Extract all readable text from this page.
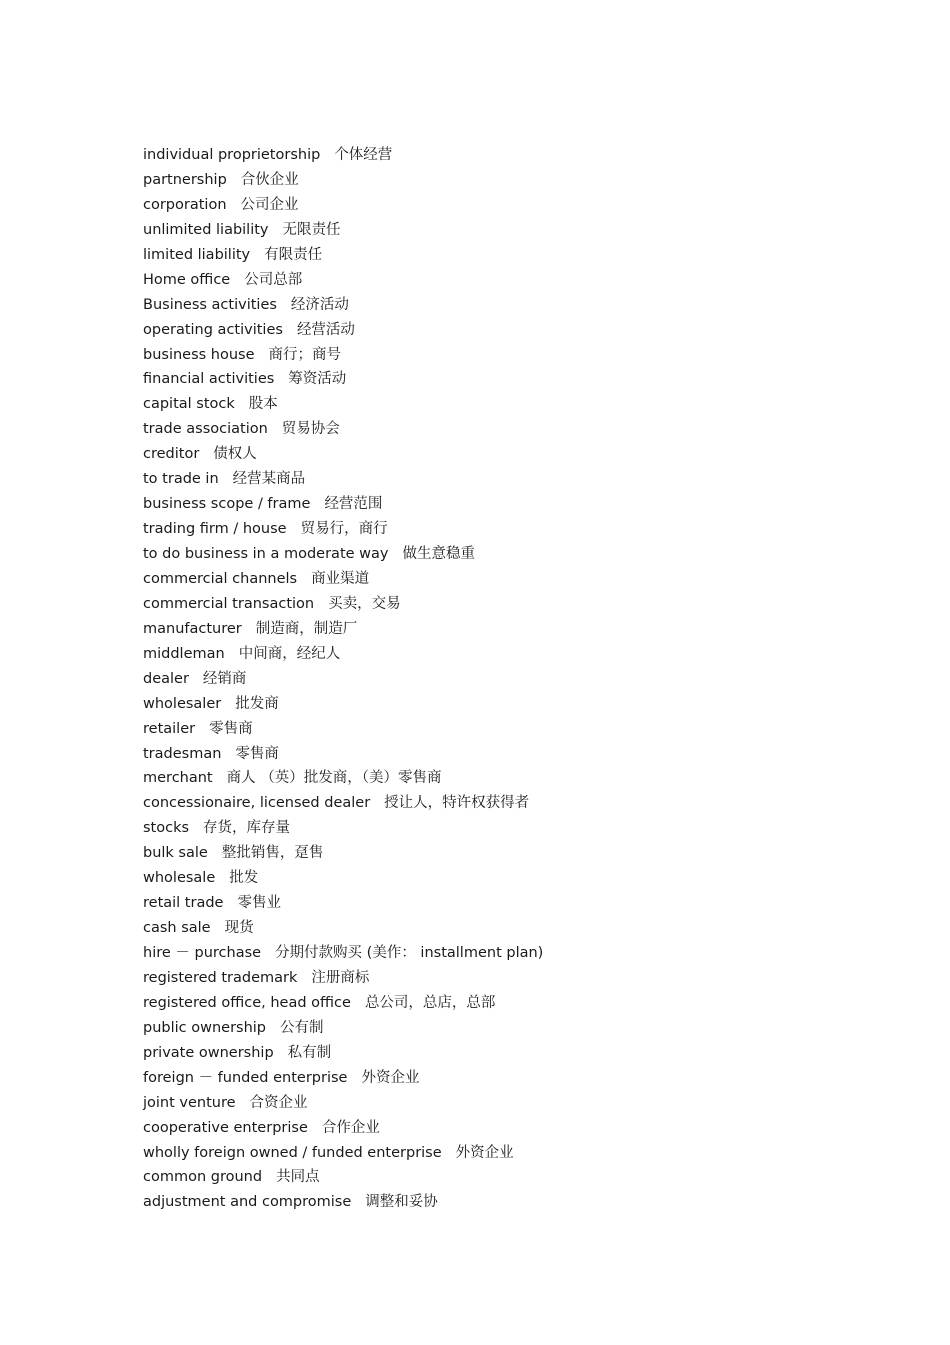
individual proprietorship 个体经营
partnership 合伙企业
corporation 公司企业
unlimited liability 无限责任
limited liability 有限责任
Home office 公司总部
Business activities 经济活动
operating activities 经营活动
business house 商行；商号
financial activities 筹资活动
capital stock 股本
trade association 贸易协会
creditor 债权人
to trade in 经营某商品
business scope / frame 经营范围
trading firm / house 贸易行，商行
to do business in a moderate way 做生意稳重
commercial channels 商业渠道
commercial transaction 买卖，交易
manufacturer 制造商，制造厂
middleman 中间商，经纪人
dealer 经销商
wholesaler 批发商
retailer 零售商
tradesman 零售商
merchant 商人 （英）批发商，（美）零售商
concessionaire, licensed dealer 授让人，特许权获得者
stocks 存货，库存量
bulk sale 整批销售，趸售
wholesale 批发
retail trade 零售业
cash sale 现货
hire － purchase 分期付款购买 (美作： installment plan)
registered trademark 注册商标
registered office, head office 总公司，总店，总部
public ownership 公有制
private ownership 私有制
foreign － funded enterprise 外资企业
joint venture 合资企业
cooperative enterprise 合作企业
wholly foreign owned / funded enterprise 外资企业
common ground 共同点
adjustment and compromise 调整和妥协
